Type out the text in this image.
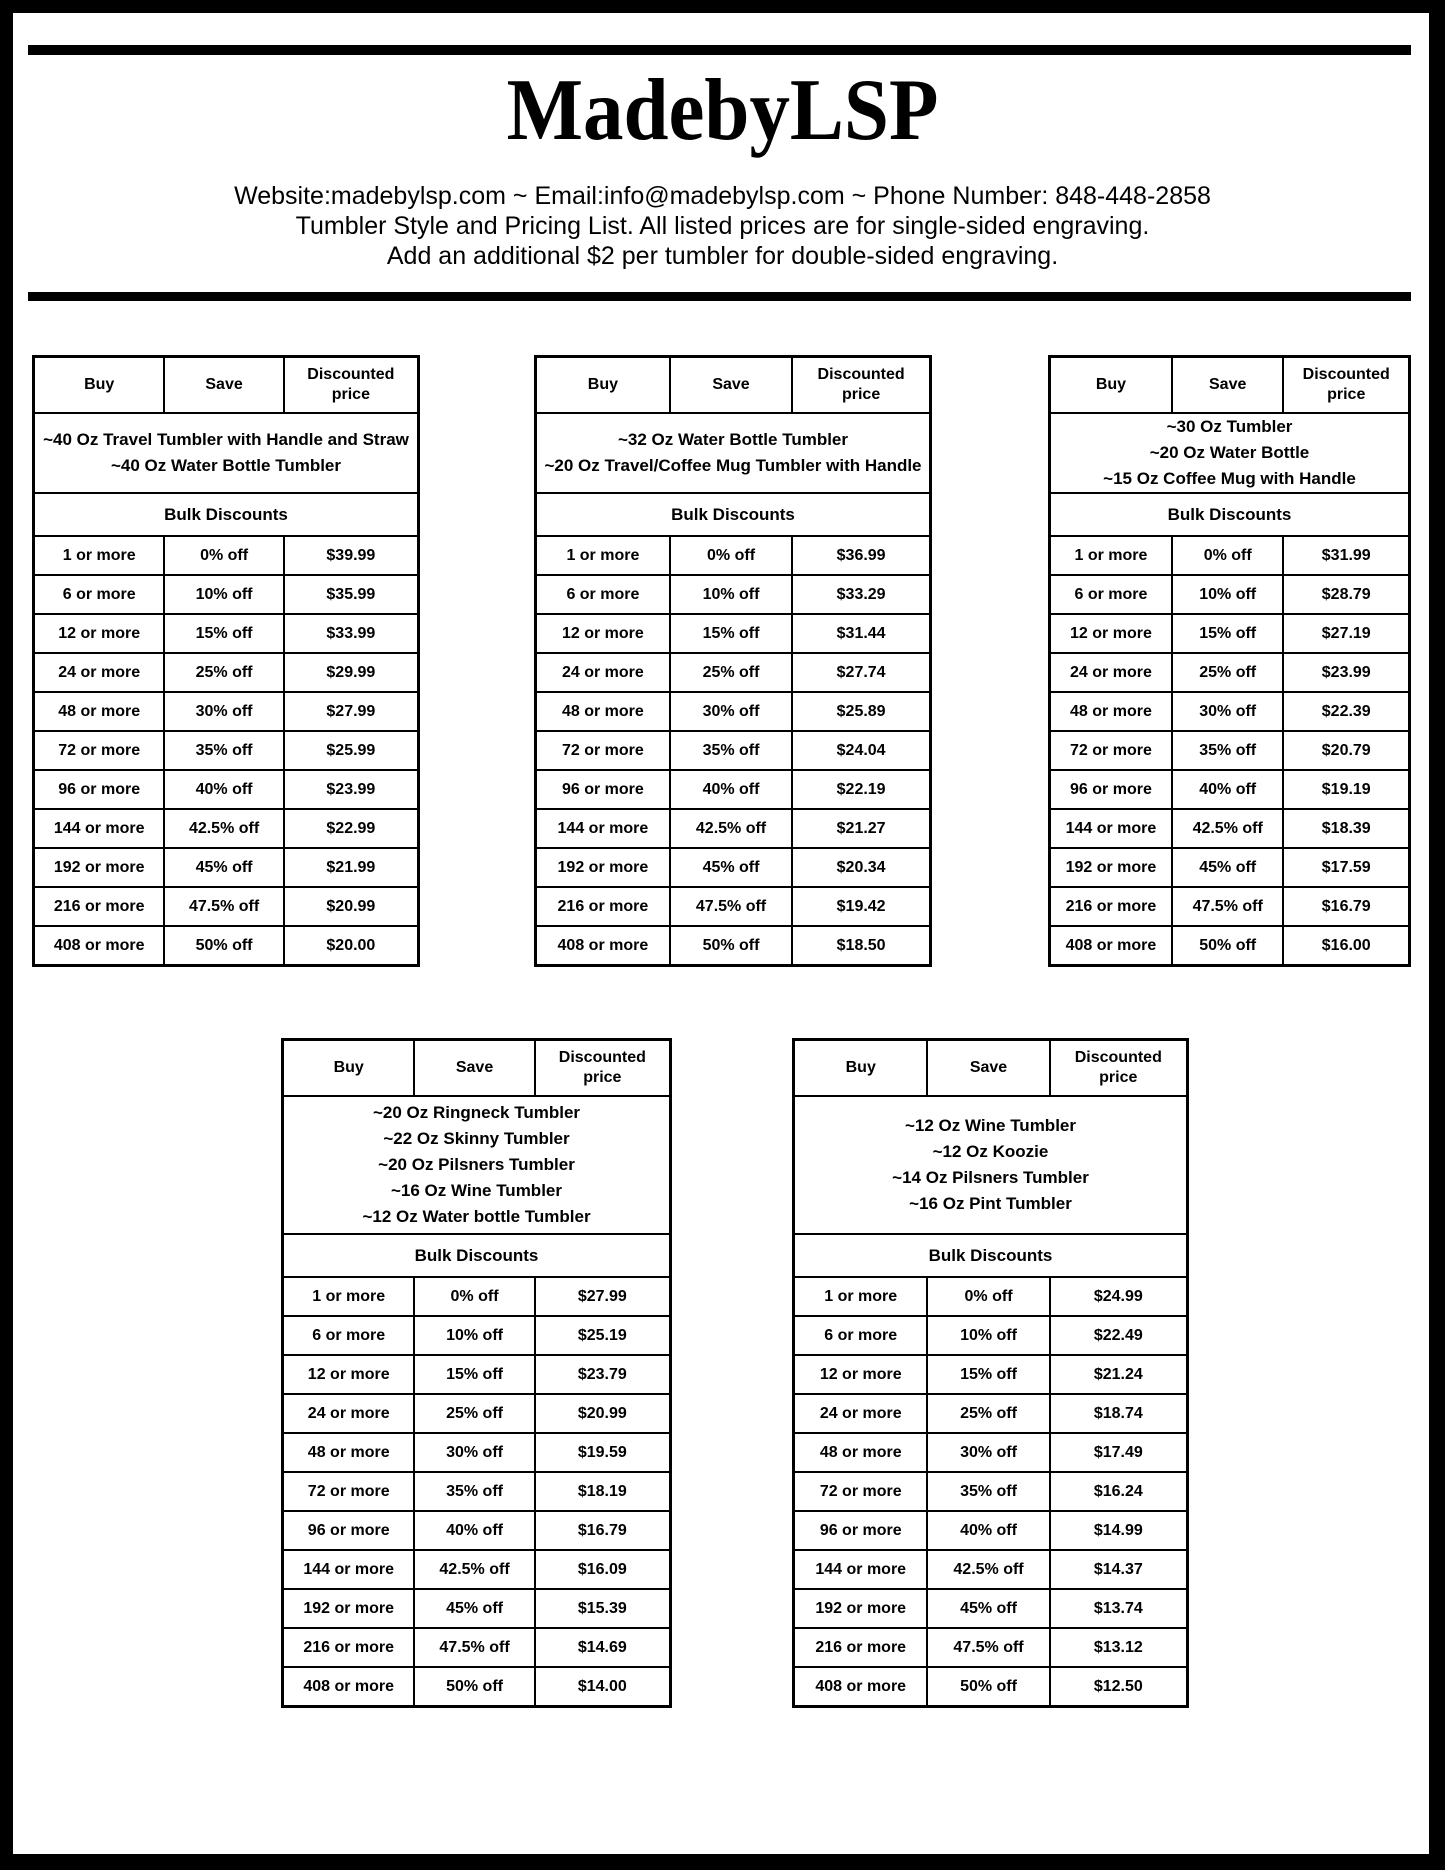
MadebyLSP
Website:madebylsp.com ~ Email:info@madebylsp.com ~ Phone Number: 848-448-2858
Tumbler Style and Pricing List. All listed prices are for single-sided engraving.
Add an additional $2 per tumbler for double-sided engraving.
~40 Oz Travel Tumbler with Handle and Straw
~40 Oz Water Bottle Tumbler		

Bulk Discounts		
Buy	Save	Discounted price
1 or more	0% off	$39.99
6 or more	10% off	$35.99
12 or more	15% off	$33.99
24 or more	25% off	$29.99
48 or more	30% off	$27.99
72 or more	35% off	$25.99
96 or more	40% off	$23.99
144 or more	42.5% off	$22.99
192 or more	45% off	$21.99
216 or more	47.5% off	$20.99
408 or more	50% off	$20.00
~32 Oz Water Bottle Tumbler
~20 Oz Travel/Coffee Mug Tumbler with Handle		

Bulk Discounts		
Buy	Save	Discounted price
1 or more	0% off	$36.99
6 or more	10% off	$33.29
12 or more	15% off	$31.44
24 or more	25% off	$27.74
48 or more	30% off	$25.89
72 or more	35% off	$24.04
96 or more	40% off	$22.19
144 or more	42.5% off	$21.27
192 or more	45% off	$20.34
216 or more	47.5% off	$19.42
408 or more	50% off	$18.50
~30 Oz Tumbler
~20 Oz Water Bottle
~15 Oz Coffee Mug with Handle		

Bulk Discounts		
Buy	Save	Discounted price
1 or more	0% off	$31.99
6 or more	10% off	$28.79
12 or more	15% off	$27.19
24 or more	25% off	$23.99
48 or more	30% off	$22.39
72 or more	35% off	$20.79
96 or more	40% off	$19.19
144 or more	42.5% off	$18.39
192 or more	45% off	$17.59
216 or more	47.5% off	$16.79
408 or more	50% off	$16.00
~20 Oz Ringneck Tumbler
~22 Oz Skinny Tumbler
~20 Oz Pilsners Tumbler
~16 Oz Wine Tumbler
~12 Oz Water bottle Tumbler		

Bulk Discounts		
Buy	Save	Discounted price
1 or more	0% off	$27.99
6 or more	10% off	$25.19
12 or more	15% off	$23.79
24 or more	25% off	$20.99
48 or more	30% off	$19.59
72 or more	35% off	$18.19
96 or more	40% off	$16.79
144 or more	42.5% off	$16.09
192 or more	45% off	$15.39
216 or more	47.5% off	$14.69
408 or more	50% off	$14.00
~12 Oz Wine Tumbler
~12 Oz Koozie
~14 Oz Pilsners Tumbler
~16 Oz Pint Tumbler		

Bulk Discounts		
Buy	Save	Discounted price
1 or more	0% off	$24.99
6 or more	10% off	$22.49
12 or more	15% off	$21.24
24 or more	25% off	$18.74
48 or more	30% off	$17.49
72 or more	35% off	$16.24
96 or more	40% off	$14.99
144 or more	42.5% off	$14.37
192 or more	45% off	$13.74
216 or more	47.5% off	$13.12
408 or more	50% off	$12.50
